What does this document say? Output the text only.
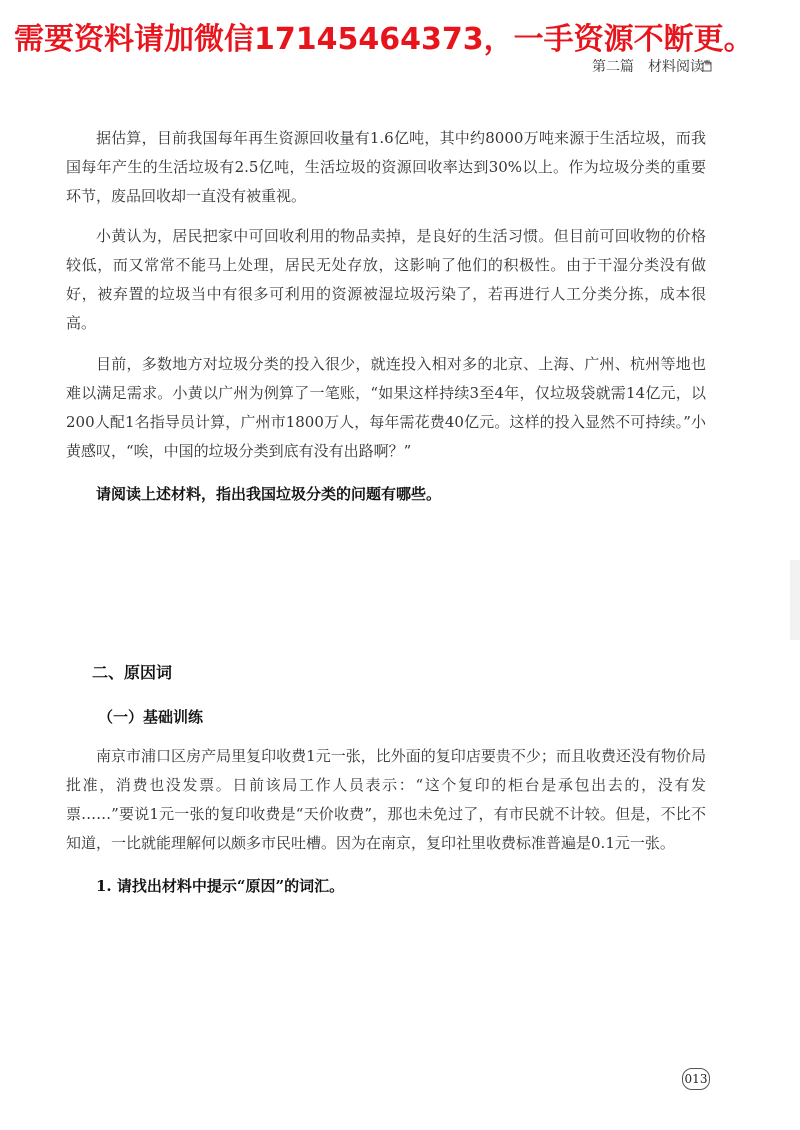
需要资料请加微信17145464373，一手资源不断更。
第二篇　材料阅读
据估算，目前我国每年再生资源回收量有1.6亿吨，其中约8000万吨来源于生活垃圾，而我国每年产生的生活垃圾有2.5亿吨，生活垃圾的资源回收率达到30%以上。作为垃圾分类的重要环节，废品回收却一直没有被重视。
小黄认为，居民把家中可回收利用的物品卖掉，是良好的生活习惯。但目前可回收物的价格较低，而又常常不能马上处理，居民无处存放，这影响了他们的积极性。由于干湿分类没有做好，被弃置的垃圾当中有很多可利用的资源被湿垃圾污染了，若再进行人工分类分拣，成本很高。
目前，多数地方对垃圾分类的投入很少，就连投入相对多的北京、上海、广州、杭州等地也难以满足需求。小黄以广州为例算了一笔账，“如果这样持续3至4年，仅垃圾袋就需14亿元，以200人配1名指导员计算，广州市1800万人，每年需花费40亿元。这样的投入显然不可持续。”小黄感叹，“唉，中国的垃圾分类到底有没有出路啊？”
请阅读上述材料，指出我国垃圾分类的问题有哪些。
二、原因词
（一）基础训练
南京市浦口区房产局里复印收费1元一张，比外面的复印店要贵不少；而且收费还没有物价局批准，消费也没发票。日前该局工作人员表示：“这个复印的柜台是承包出去的，没有发票……”要说1元一张的复印收费是“天价收费”，那也未免过了，有市民就不计较。但是，不比不知道，一比就能理解何以颇多市民吐槽。因为在南京，复印社里收费标准普遍是0.1元一张。
1. 请找出材料中提示“原因”的词汇。
013
